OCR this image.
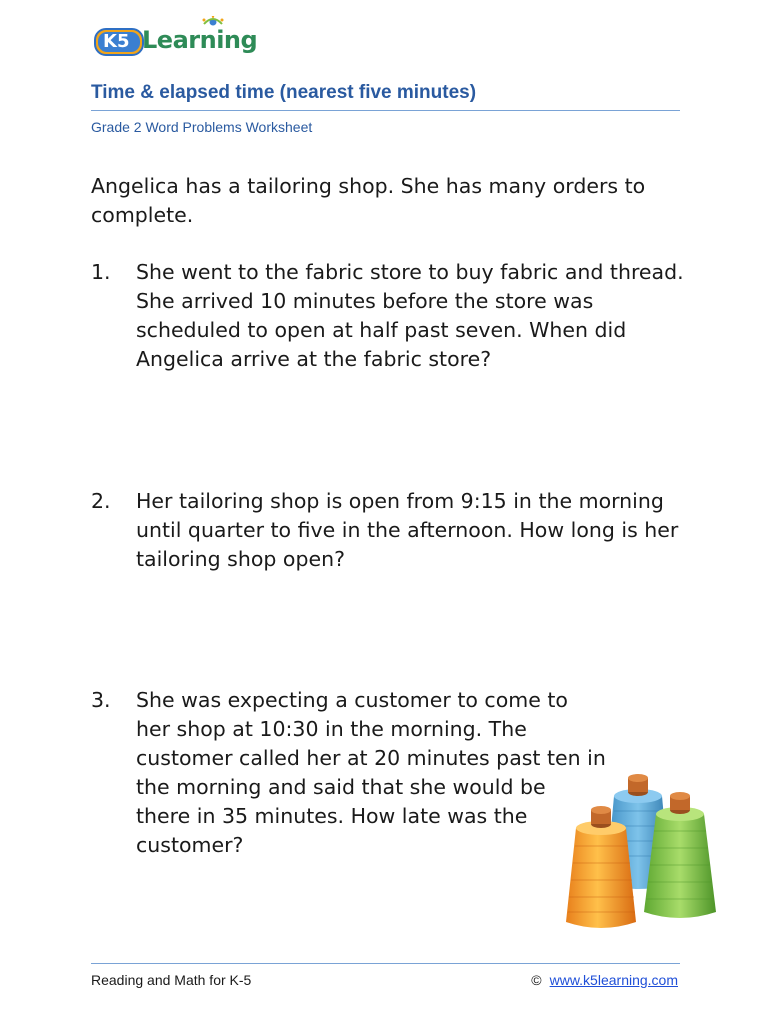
K5 Learning
Time & elapsed time (nearest five minutes)
Grade 2 Word Problems Worksheet
Angelica has a tailoring shop. She has many orders to complete.
1. She went to the fabric store to buy fabric and thread. She arrived 10 minutes before the store was scheduled to open at half past seven. When did Angelica arrive at the fabric store?
2. Her tailoring shop is open from 9:15 in the morning until quarter to five in the afternoon. How long is her tailoring shop open?
3. She was expecting a customer to come to her shop at 10:30 in the morning. The customer called her at 20 minutes past ten in the morning and said that she would be there in 35 minutes. How late was the customer?
Reading and Math for K-5	© www.k5learning.com
